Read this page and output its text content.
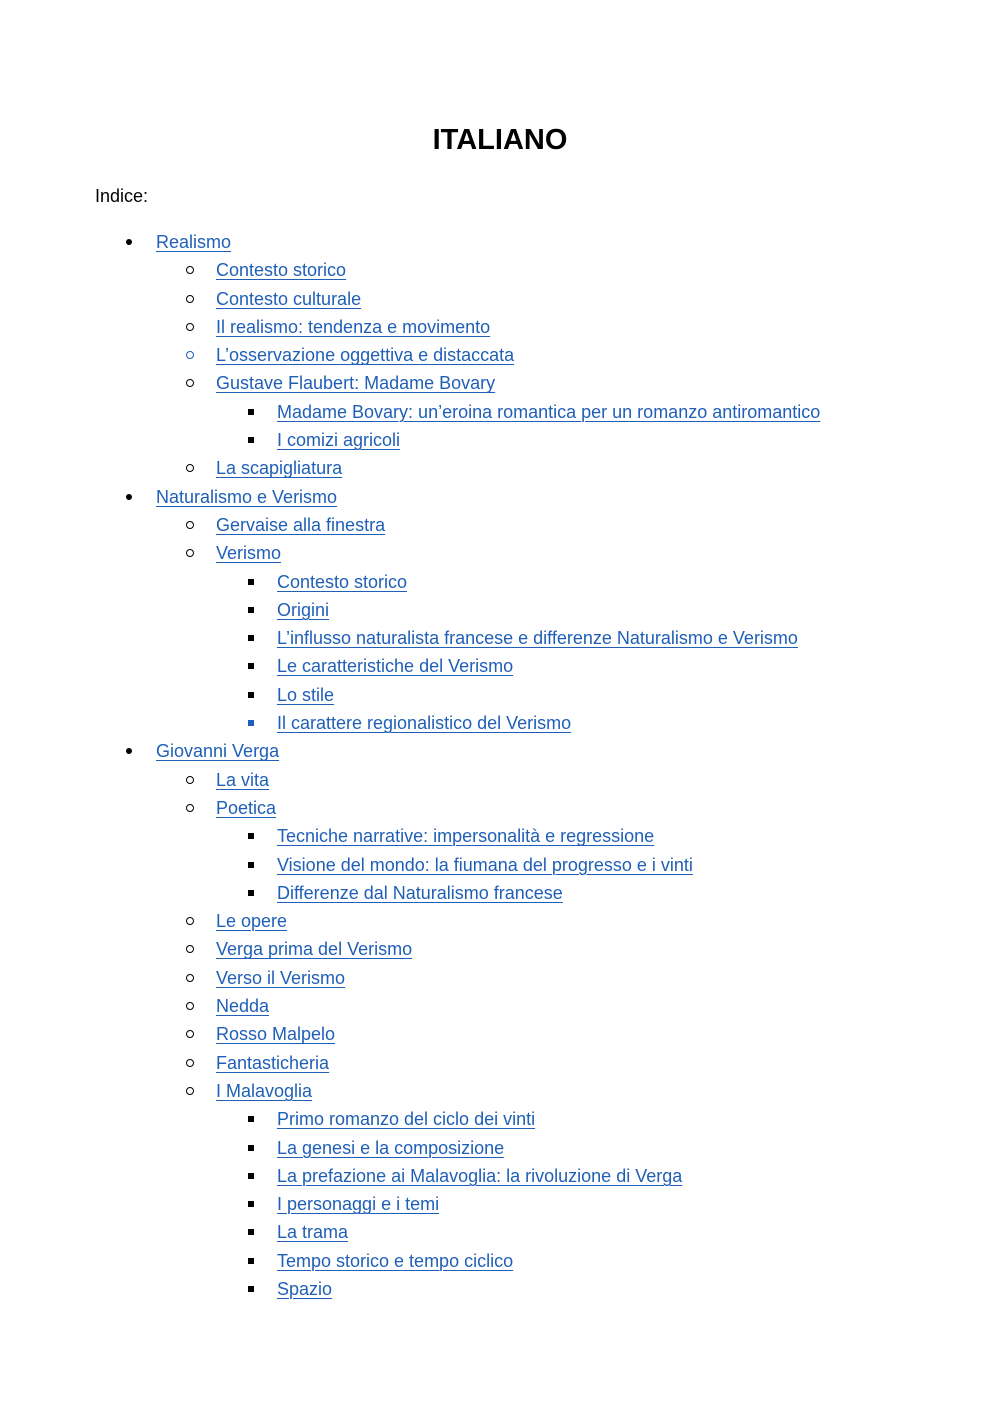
ITALIANO
Indice:
Realismo
Contesto storico
Contesto culturale
Il realismo: tendenza e movimento
L’osservazione oggettiva e distaccata
Gustave Flaubert: Madame Bovary
Madame Bovary: un’eroina romantica per un romanzo antiromantico
I comizi agricoli
La scapigliatura
Naturalismo e Verismo
Gervaise alla finestra
Verismo
Contesto storico
Origini
L’influsso naturalista francese e differenze Naturalismo e Verismo
Le caratteristiche del Verismo
Lo stile
Il carattere regionalistico del Verismo
Giovanni Verga
La vita
Poetica
Tecniche narrative: impersonalità e regressione
Visione del mondo: la fiumana del progresso e i vinti
Differenze dal Naturalismo francese
Le opere
Verga prima del Verismo
Verso il Verismo
Nedda
Rosso Malpelo
Fantasticheria
I Malavoglia
Primo romanzo del ciclo dei vinti
La genesi e la composizione
La prefazione ai Malavoglia: la rivoluzione di Verga
I personaggi e i temi
La trama
Tempo storico e tempo ciclico
Spazio
